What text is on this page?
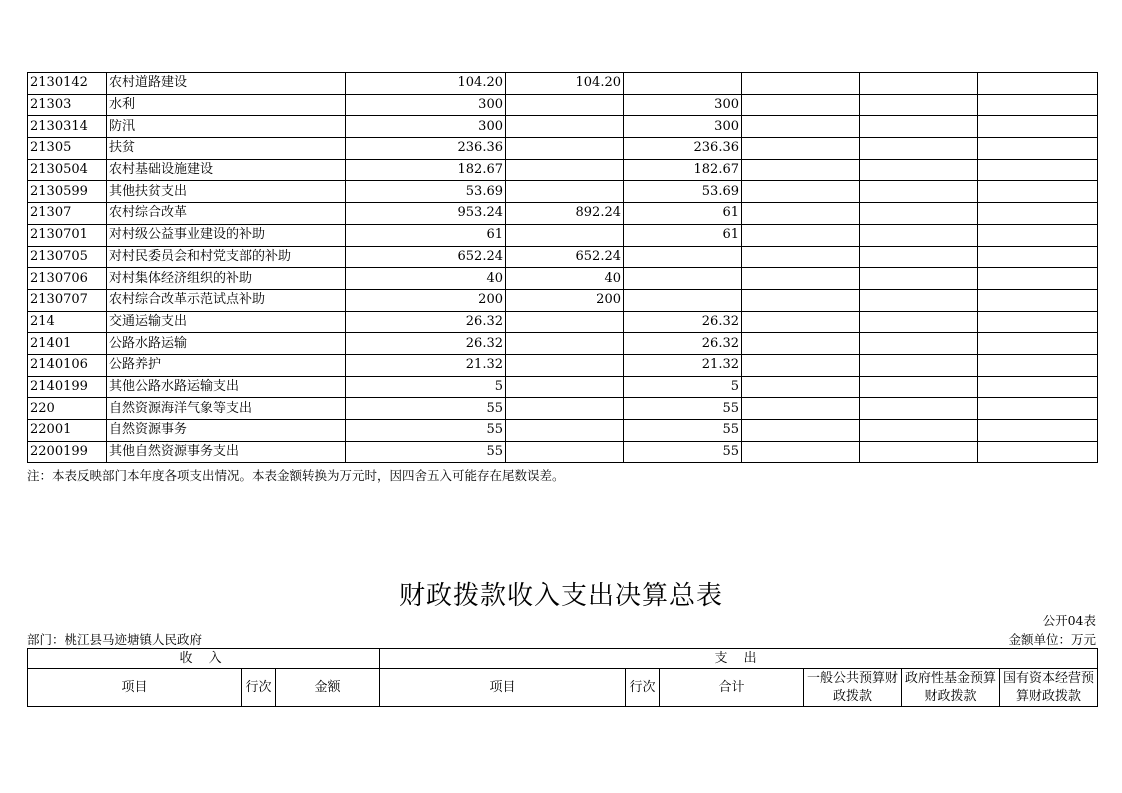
2130142	农村道路建设	104.20	104.20				
21303	水利	300		300			
2130314	防汛	300		300			
21305	扶贫	236.36		236.36			
2130504	农村基础设施建设	182.67		182.67			
2130599	其他扶贫支出	53.69		53.69			
21307	农村综合改革	953.24	892.24	61			
2130701	对村级公益事业建设的补助	61		61			
2130705	对村民委员会和村党支部的补助	652.24	652.24				
2130706	对村集体经济组织的补助	40	40				
2130707	农村综合改革示范试点补助	200	200				
214	交通运输支出	26.32		26.32			
21401	公路水路运输	26.32		26.32			
2140106	公路养护	21.32		21.32			
2140199	其他公路水路运输支出	5		5			
220	自然资源海洋气象等支出	55		55			
22001	自然资源事务	55		55			
2200199	其他自然资源事务支出	55		55			
注：本表反映部门本年度各项支出情况。本表金额转换为万元时，因四舍五入可能存在尾数误差。
财政拨款收入支出决算总表
公开04表
部门：桃江县马迹塘镇人民政府	金额单位：万元
收 入			支 出					
项目	行次	金额	项目	行次	合计	一般公共预算财政拨款	政府性基金预算财政拨款	国有资本经营预算财政拨款
